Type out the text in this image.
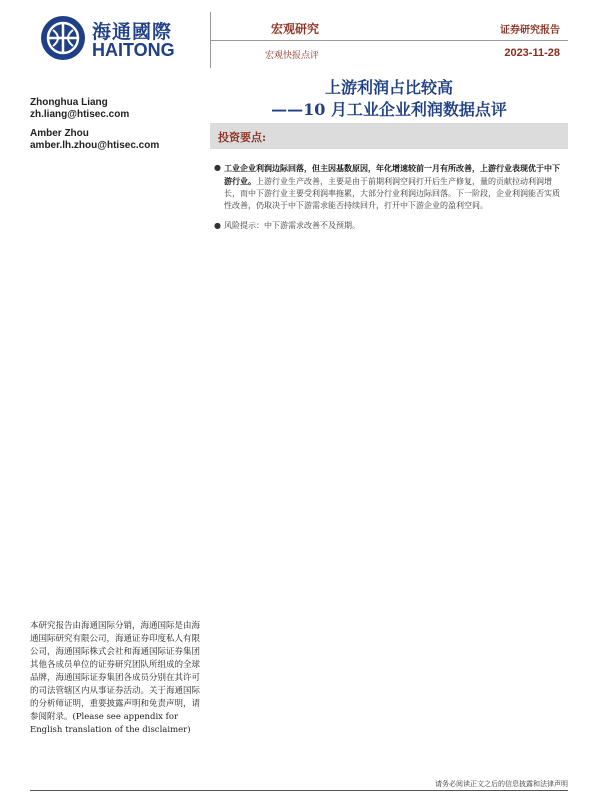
海通國際
HAITONG
宏观研究
宏观快报点评
证券研究报告
2023-11-28
上游利润占比较高
——10 月工业企业利润数据点评
Zhonghua Liang
zh.liang@htisec.com
Amber Zhou
amber.lh.zhou@htisec.com
投资要点:
● 工业企业利润边际回落，但主因基数原因，年化增速较前一月有所改善，上游行业表现优于中下游行业。上游行业生产改善，主要是由于前期利润空间打开后生产修复，量的贡献拉动利润增长，而中下游行业主要受利润率拖累，大部分行业利润边际回落。下一阶段，企业利润能否实质性改善，仍取决于中下游需求能否持续回升，打开中下游企业的盈利空间。
● 风险提示：中下游需求改善不及预期。
本研究报告由海通国际分销，海通国际是由海通国际研究有限公司，海通证券印度私人有限公司，海通国际株式会社和海通国际证券集团其他各成员单位的证券研究团队所组成的全球品牌，海通国际证券集团各成员分别在其许可的司法管辖区内从事证券活动。关于海通国际的分析师证明，重要披露声明和免责声明，请参阅附录。(Please see appendix for English translation of the disclaimer)
请务必阅读正文之后的信息披露和法律声明
